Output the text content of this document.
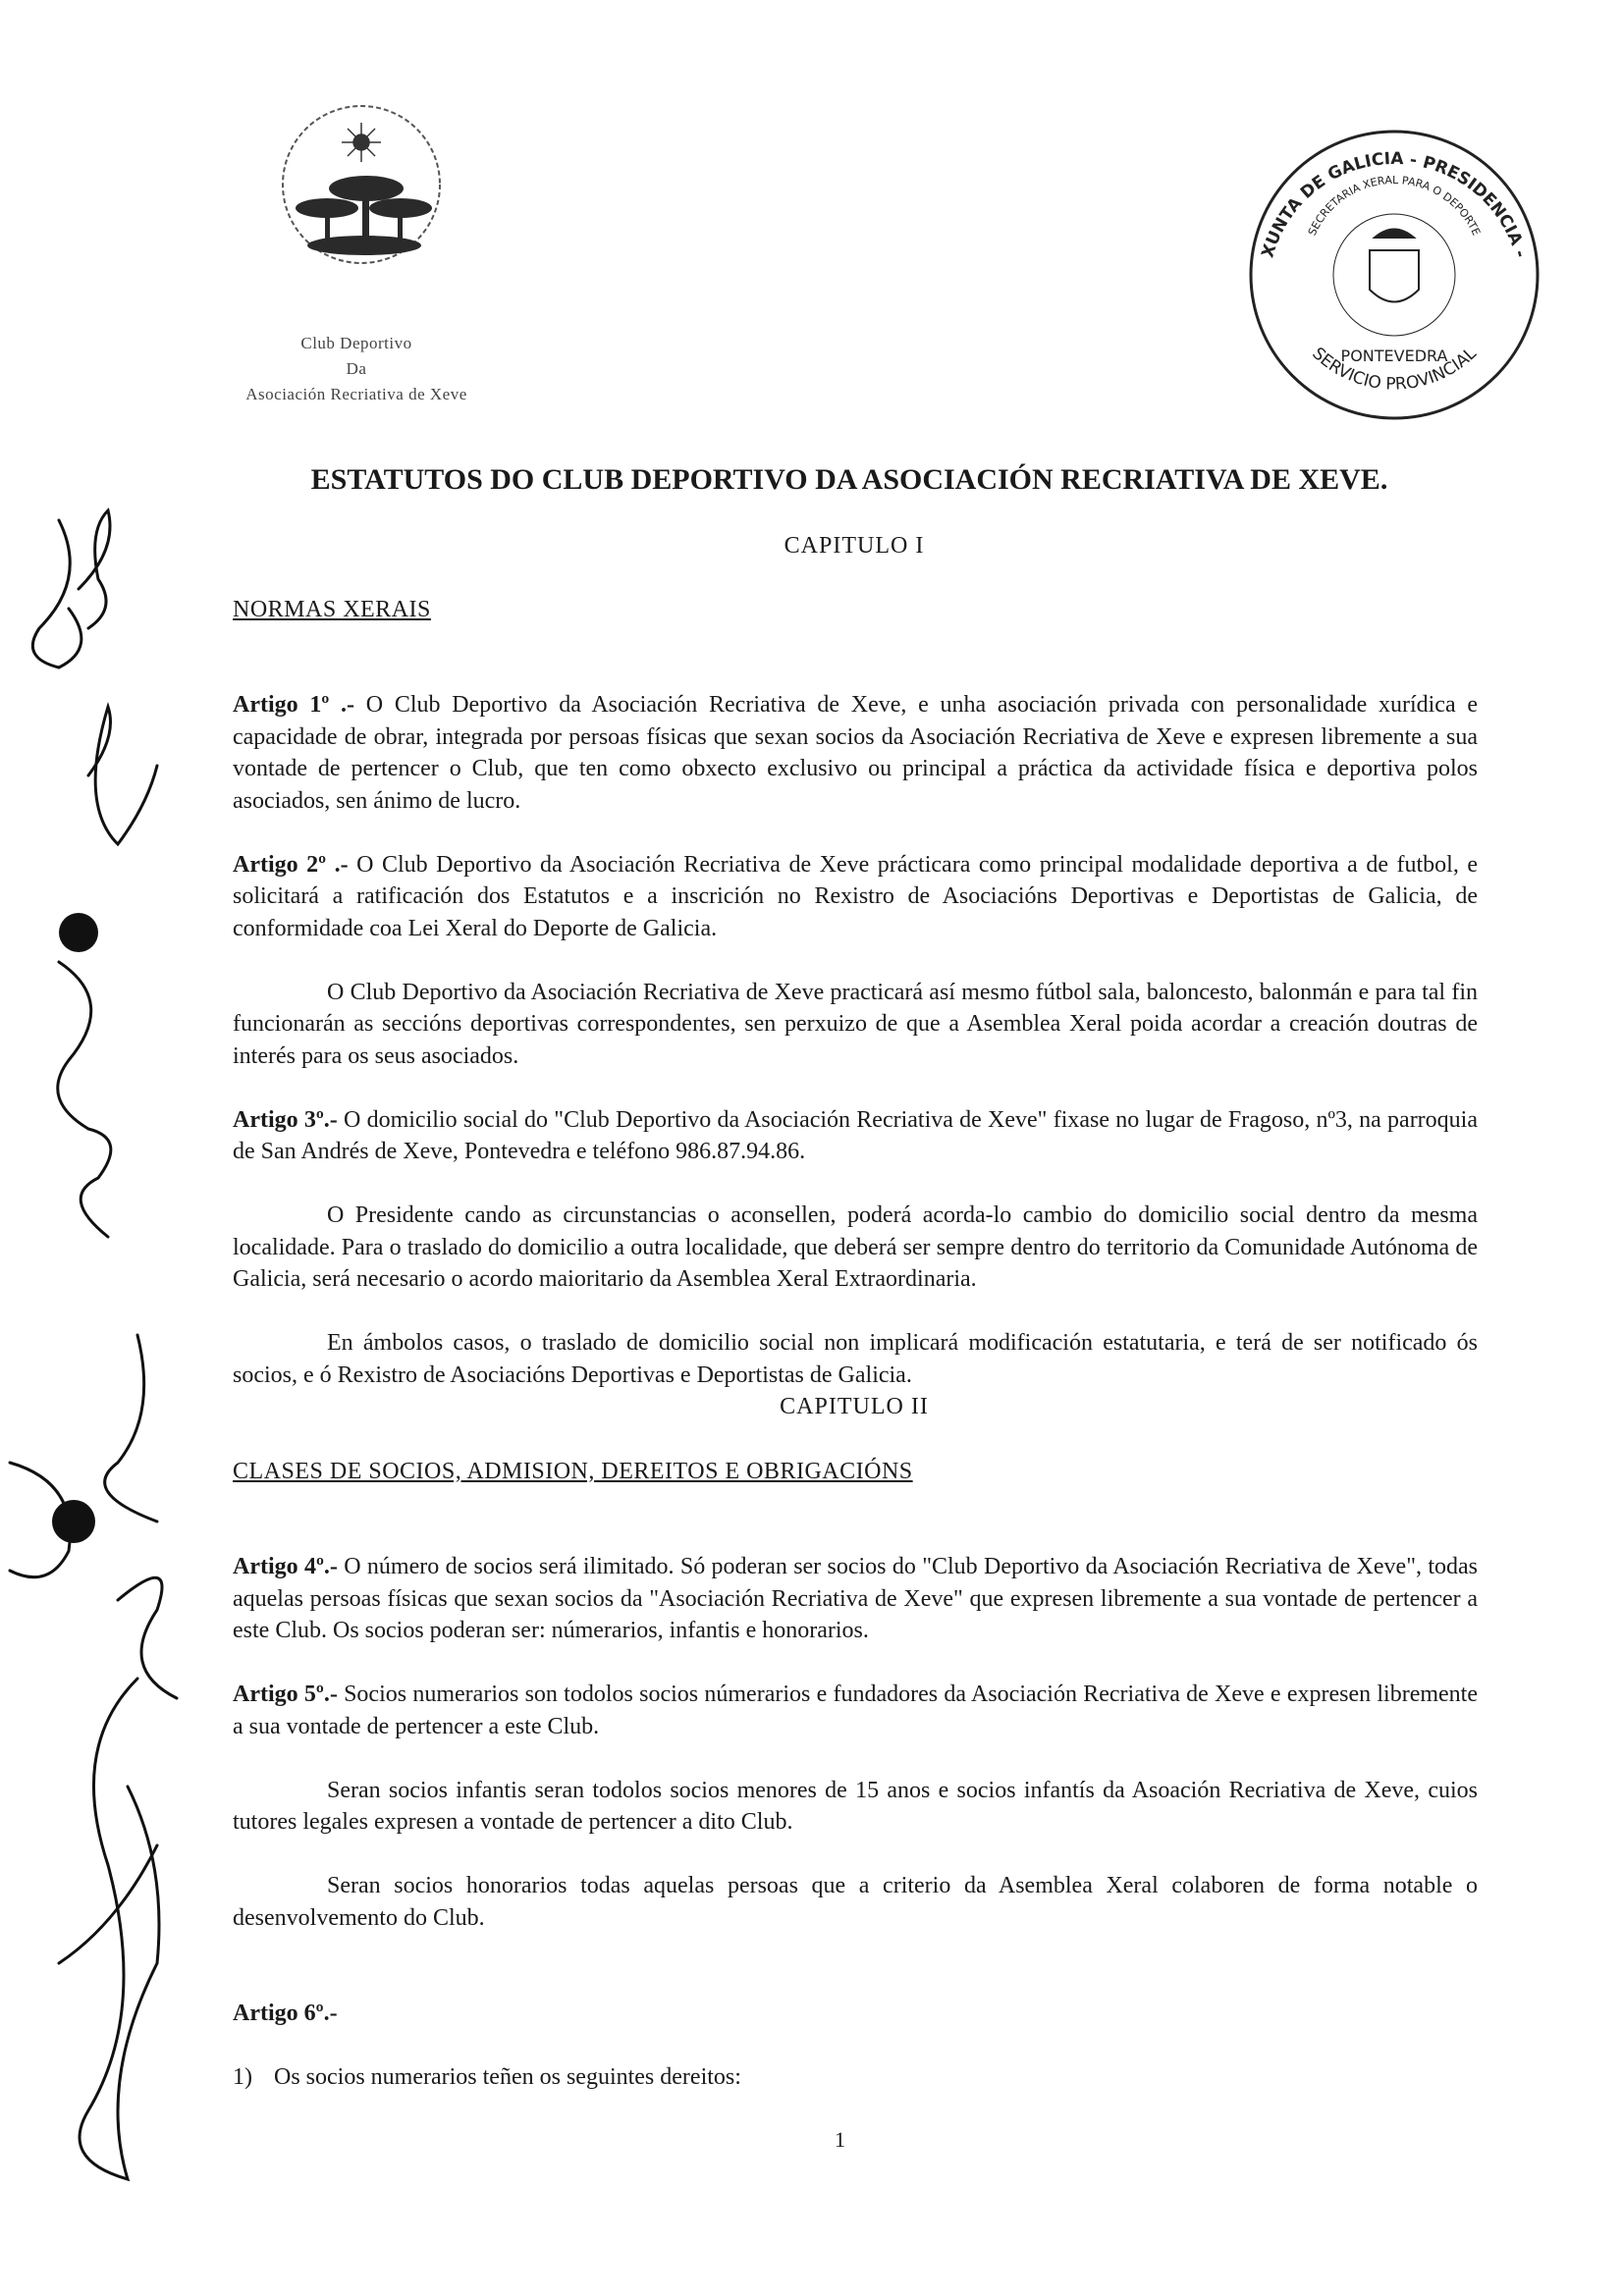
Club Deportivo
Da
Asociación Recriativa de Xeve
XUNTA DE GALICIA - PRESIDENCIA -
SECRETARIA XERAL PARA O DEPORTE
SERVICIO PROVINCIAL
PONTEVEDRA
ESTATUTOS DO CLUB DEPORTIVO DA ASOCIACIÓN RECRIATIVA DE XEVE.
CAPITULO I
NORMAS XERAIS
Artigo 1º .- O Club Deportivo da Asociación Recriativa de Xeve, e unha asociación privada con personalidade xurídica e capacidade de obrar, integrada por persoas físicas que sexan socios da Asociación Recriativa de Xeve e expresen libremente a sua vontade de pertencer o Club, que ten como obxecto exclusivo ou principal a práctica da actividade física e deportiva polos asociados, sen ánimo de lucro.
Artigo 2º .- O Club Deportivo da Asociación Recriativa de Xeve prácticara como principal modalidade deportiva a de futbol, e solicitará a ratificación dos Estatutos e a inscrición no Rexistro de Asociacións Deportivas e Deportistas de Galicia, de conformidade coa Lei Xeral do Deporte de Galicia.
O Club Deportivo da Asociación Recriativa de Xeve practicará así mesmo fútbol sala, baloncesto, balonmán e para tal fin funcionarán as seccións deportivas correspondentes, sen perxuizo de que a Asemblea Xeral poida acordar a creación doutras de interés para os seus asociados.
Artigo 3º.- O domicilio social do "Club Deportivo da Asociación Recriativa de Xeve" fixase no lugar de Fragoso, nº3, na parroquia de San Andrés de Xeve, Pontevedra e teléfono 986.87.94.86.
O Presidente cando as circunstancias o aconsellen, poderá acorda-lo cambio do domicilio social dentro da mesma localidade. Para o traslado do domicilio a outra localidade, que deberá ser sempre dentro do territorio da Comunidade Autónoma de Galicia, será necesario o acordo maioritario da Asemblea Xeral Extraordinaria.
En ámbolos casos, o traslado de domicilio social non implicará modificación estatutaria, e terá de ser notificado ós socios, e ó Rexistro de Asociacións Deportivas e Deportistas de Galicia.
CAPITULO II
CLASES DE SOCIOS, ADMISION, DEREITOS E OBRIGACIÓNS
Artigo 4º.- O número de socios será ilimitado. Só poderan ser socios do "Club Deportivo da Asociación Recriativa de Xeve", todas aquelas persoas físicas que sexan socios da "Asociación Recriativa de Xeve" que expresen libremente a sua vontade de pertencer a este Club. Os socios poderan ser: númerarios, infantis e honorarios.
Artigo 5º.- Socios numerarios son todolos socios númerarios e fundadores da Asociación Recriativa de Xeve e expresen libremente a sua vontade de pertencer a este Club.
Seran socios infantis seran todolos socios menores de 15 anos e socios infantís da Asoación Recriativa de Xeve, cuios tutores legales expresen a vontade de pertencer a dito Club.
Seran socios honorarios todas aquelas persoas que a criterio da Asemblea Xeral colaboren de forma notable o desenvolvemento do Club.
Artigo 6º.-
1) Os socios numerarios teñen os seguintes dereitos:
1
